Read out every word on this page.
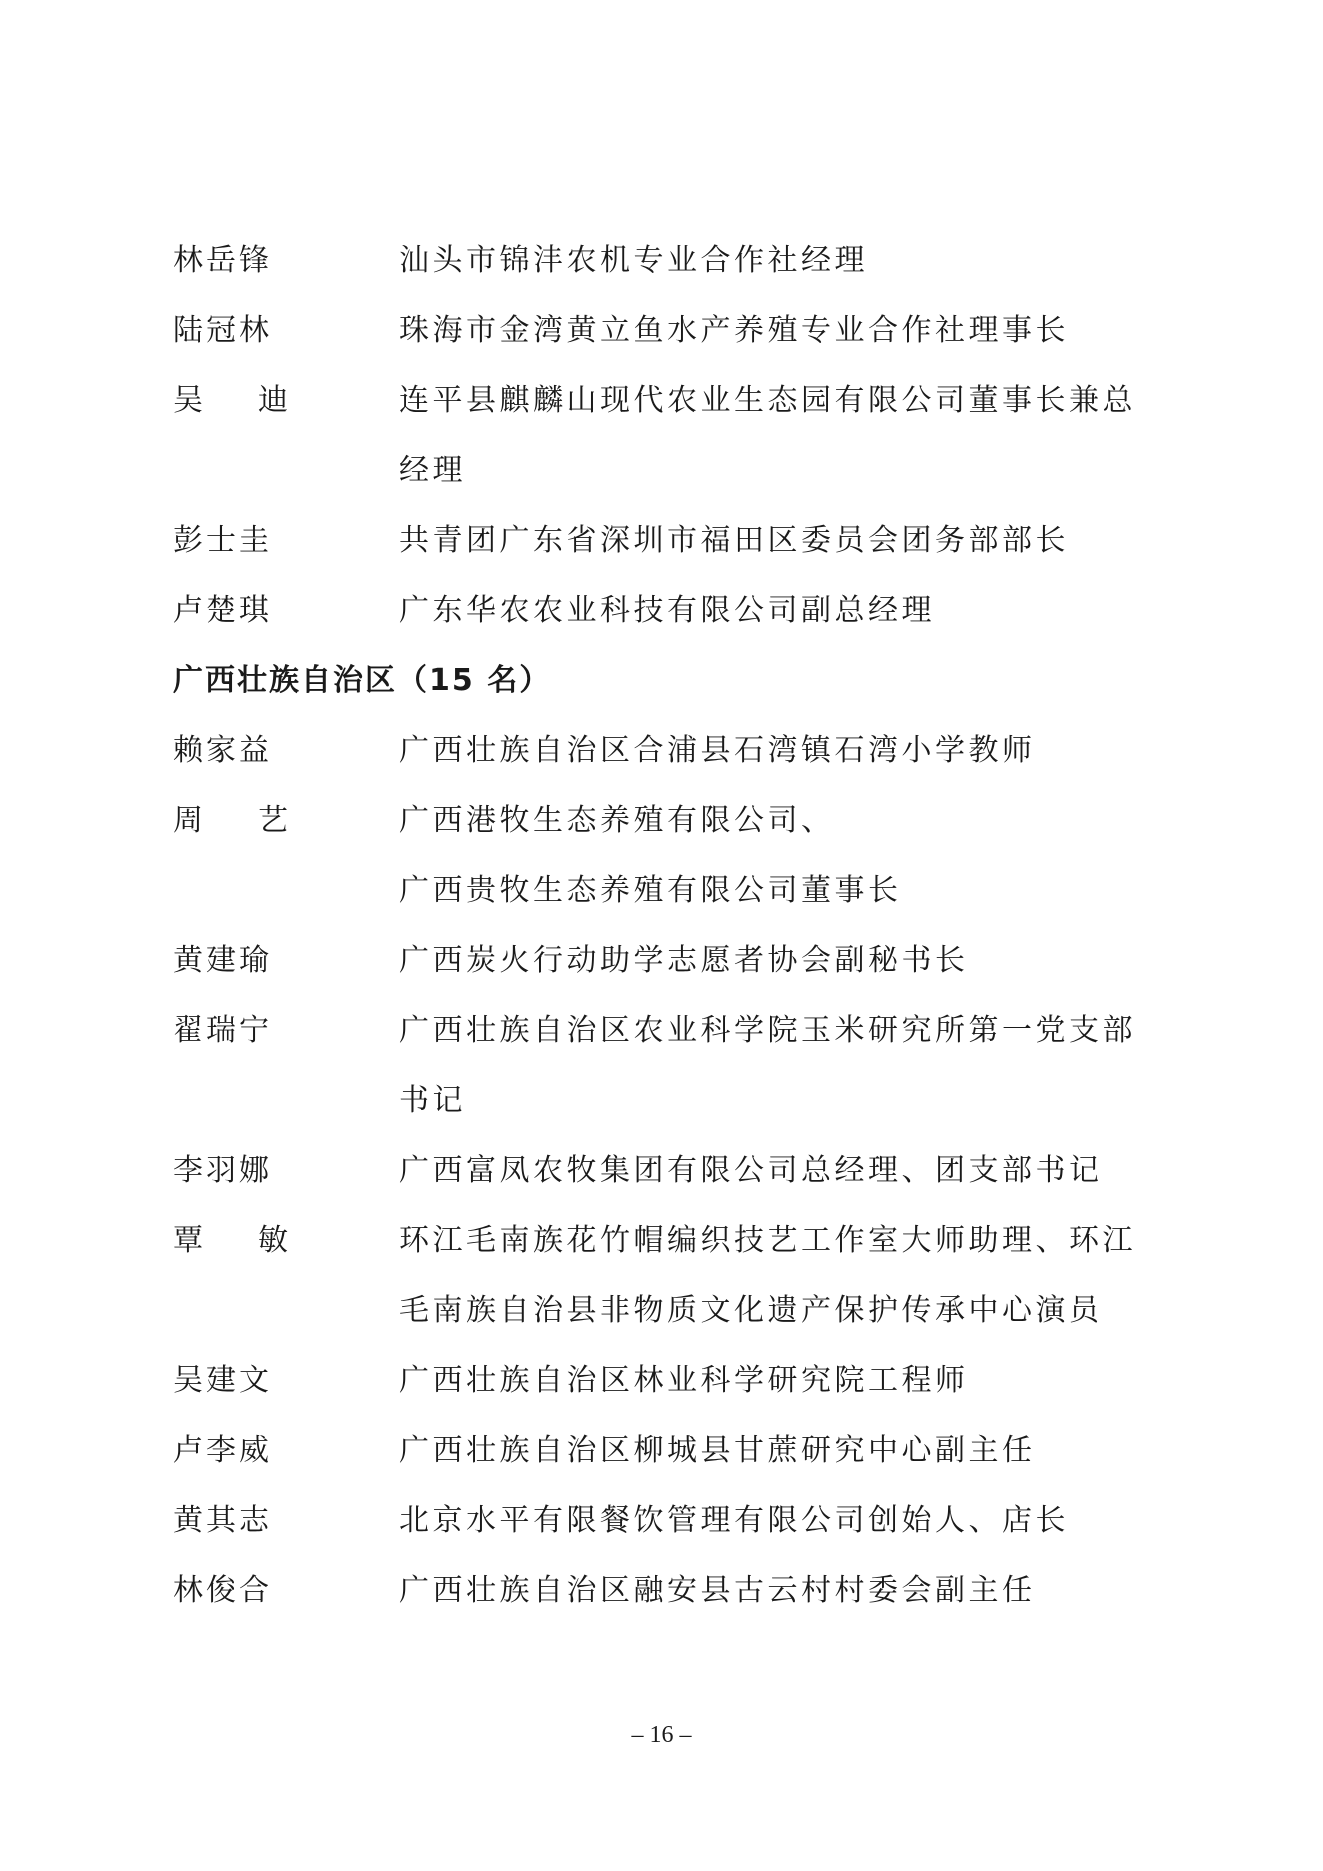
林岳锋	汕头市锦沣农机专业合作社经理
陆冠林	珠海市金湾黄立鱼水产养殖专业合作社理事长
吴 迪	连平县麒麟山现代农业生态园有限公司董事长兼总
经理
彭士圭	共青团广东省深圳市福田区委员会团务部部长
卢楚琪	广东华农农业科技有限公司副总经理
广西壮族自治区（15 名）
赖家益	广西壮族自治区合浦县石湾镇石湾小学教师
周 艺	广西港牧生态养殖有限公司、
广西贵牧生态养殖有限公司董事长
黄建瑜	广西炭火行动助学志愿者协会副秘书长
翟瑞宁	广西壮族自治区农业科学院玉米研究所第一党支部
书记
李羽娜	广西富凤农牧集团有限公司总经理、团支部书记
覃 敏	环江毛南族花竹帽编织技艺工作室大师助理、环江
毛南族自治县非物质文化遗产保护传承中心演员
吴建文	广西壮族自治区林业科学研究院工程师
卢李威	广西壮族自治区柳城县甘蔗研究中心副主任
黄其志	北京水平有限餐饮管理有限公司创始人、店长
林俊合	广西壮族自治区融安县古云村村委会副主任
– 16 –
